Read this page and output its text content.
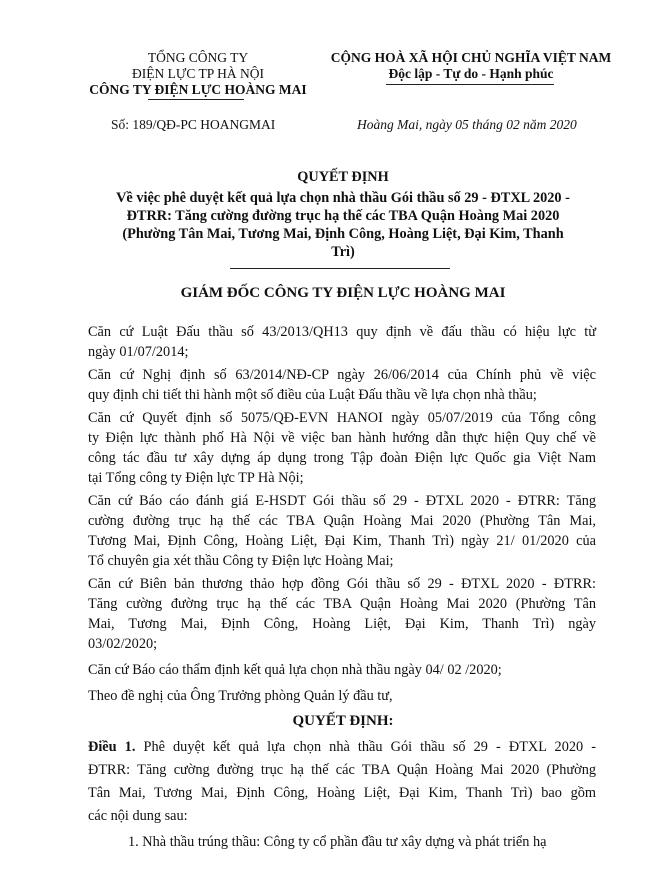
TỔNG CÔNG TY
ĐIỆN LỰC TP HÀ NỘI
CÔNG TY ĐIỆN LỰC HOÀNG MAI
CỘNG HOÀ XÃ HỘI CHỦ NGHĨA VIỆT NAM
Độc lập - Tự do - Hạnh phúc
Số: 189/QĐ-PC HOANGMAI	Hoàng Mai, ngày 05 tháng 02 năm 2020
QUYẾT ĐỊNH
Về việc phê duyệt kết quả lựa chọn nhà thầu Gói thầu số 29 - ĐTXL 2020 -
ĐTRR: Tăng cường đường trục hạ thế các TBA Quận Hoàng Mai 2020
(Phường Tân Mai, Tương Mai, Định Công, Hoàng Liệt, Đại Kim, Thanh
Trì)
GIÁM ĐỐC CÔNG TY ĐIỆN LỰC HOÀNG MAI
Căn cứ Luật Đấu thầu số 43/2013/QH13 quy định về đấu thầu có hiệu lực từ
ngày 01/07/2014;
Căn cứ Nghị định số 63/2014/NĐ-CP ngày 26/06/2014 của Chính phủ về việc
quy định chi tiết thi hành một số điều của Luật Đấu thầu về lựa chọn nhà thầu;
Căn cứ Quyết định số 5075/QĐ-EVN HANOI ngày 05/07/2019 của Tổng công
ty Điện lực thành phố Hà Nội về việc ban hành hướng dẫn thực hiện Quy chế về
công tác đầu tư xây dựng áp dụng trong Tập đoàn Điện lực Quốc gia Việt Nam
tại Tổng công ty Điện lực TP Hà Nội;
Căn cứ Báo cáo đánh giá E-HSDT Gói thầu số 29 - ĐTXL 2020 - ĐTRR: Tăng
cường đường trục hạ thế các TBA Quận Hoàng Mai 2020 (Phường Tân Mai,
Tương Mai, Định Công, Hoàng Liệt, Đại Kim, Thanh Trì) ngày 21/ 01/2020 của
Tổ chuyên gia xét thầu Công ty Điện lực Hoàng Mai;
Căn cứ Biên bản thương thảo hợp đồng Gói thầu số 29 - ĐTXL 2020 - ĐTRR:
Tăng cường đường trục hạ thế các TBA Quận Hoàng Mai 2020 (Phường Tân
Mai, Tương Mai, Định Công, Hoàng Liệt, Đại Kim, Thanh Trì) ngày
03/02/2020;
Căn cứ Báo cáo thẩm định kết quả lựa chọn nhà thầu ngày 04/ 02 /2020;
Theo đề nghị của Ông Trưởng phòng Quản lý đầu tư,
QUYẾT ĐỊNH:
Điều 1. Phê duyệt kết quả lựa chọn nhà thầu Gói thầu số 29 - ĐTXL 2020 -
ĐTRR: Tăng cường đường trục hạ thế các TBA Quận Hoàng Mai 2020 (Phường
Tân Mai, Tương Mai, Định Công, Hoàng Liệt, Đại Kim, Thanh Trì) bao gồm
các nội dung sau:
1. Nhà thầu trúng thầu: Công ty cổ phần đầu tư xây dựng và phát triển hạ
